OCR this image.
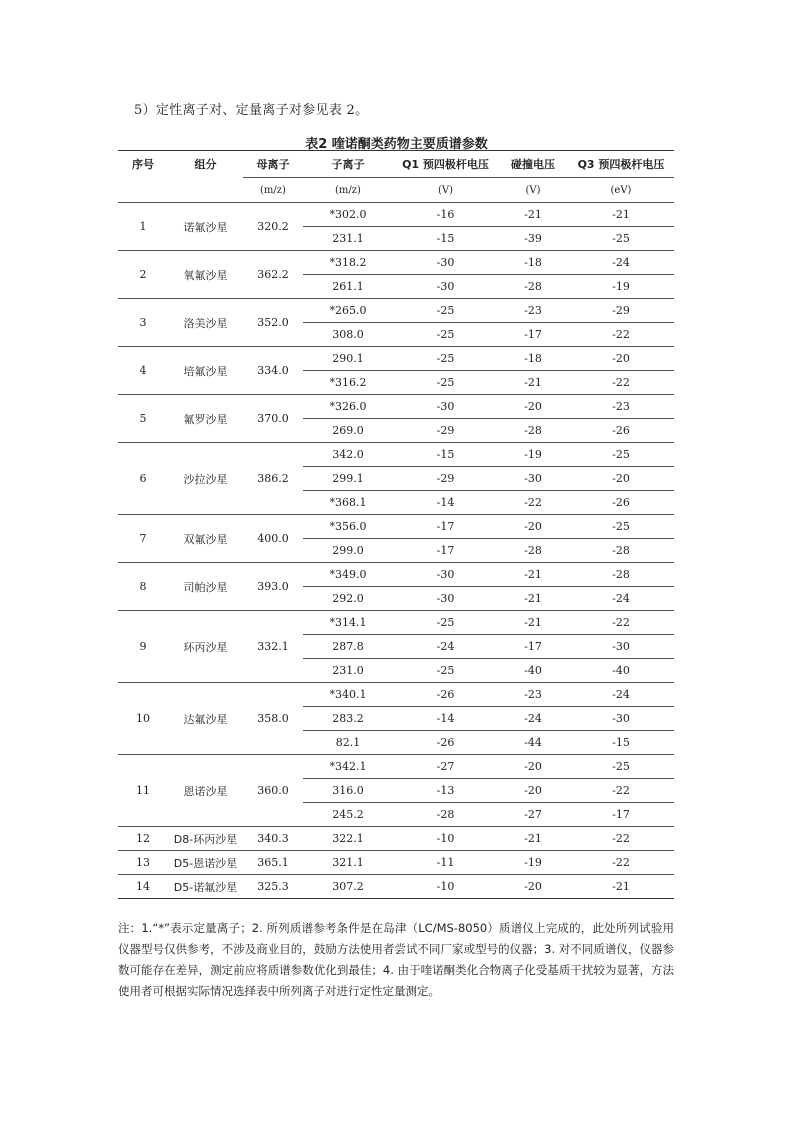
5）定性离子对、定量离子对参见表 2。
表2 喹诺酮类药物主要质谱参数
序号	组分	母离子	子离子	Q1 预四极杆电压	碰撞电压	Q3 预四极杆电压
		(m/z)	(m/z)	(V)	(V)	(eV)
1	诺氟沙星	320.2	*302.0	-16	-21	-21
			231.1	-15	-39	-25
2	氧氟沙星	362.2	*318.2	-30	-18	-24
			261.1	-30	-28	-19
3	洛美沙星	352.0	*265.0	-25	-23	-29
			308.0	-25	-17	-22
4	培氟沙星	334.0	290.1	-25	-18	-20
			*316.2	-25	-21	-22
5	氟罗沙星	370.0	*326.0	-30	-20	-23
			269.0	-29	-28	-26
6	沙拉沙星	386.2	342.0	-15	-19	-25
			299.1	-29	-30	-20
			*368.1	-14	-22	-26
7	双氟沙星	400.0	*356.0	-17	-20	-25
			299.0	-17	-28	-28
8	司帕沙星	393.0	*349.0	-30	-21	-28
			292.0	-30	-21	-24
9	环丙沙星	332.1	*314.1	-25	-21	-22
			287.8	-24	-17	-30
			231.0	-25	-40	-40
10	达氟沙星	358.0	*340.1	-26	-23	-24
			283.2	-14	-24	-30
			82.1	-26	-44	-15
11	恩诺沙星	360.0	*342.1	-27	-20	-25
			316.0	-13	-20	-22
			245.2	-28	-27	-17
12	D8-环丙沙星	340.3	322.1	-10	-21	-22
13	D5-恩诺沙星	365.1	321.1	-11	-19	-22
14	D5-诺氟沙星	325.3	307.2	-10	-20	-21
注：1.“*”表示定量离子；2. 所列质谱参考条件是在岛津（LC/MS-8050）质谱仪上完成的，此处所列试验用仪器型号仅供参考，不涉及商业目的，鼓励方法使用者尝试不同厂家或型号的仪器；3. 对不同质谱仪，仪器参数可能存在差异，测定前应将质谱参数优化到最佳；4. 由于喹诺酮类化合物离子化受基质干扰较为显著，方法使用者可根据实际情况选择表中所列离子对进行定性定量测定。
